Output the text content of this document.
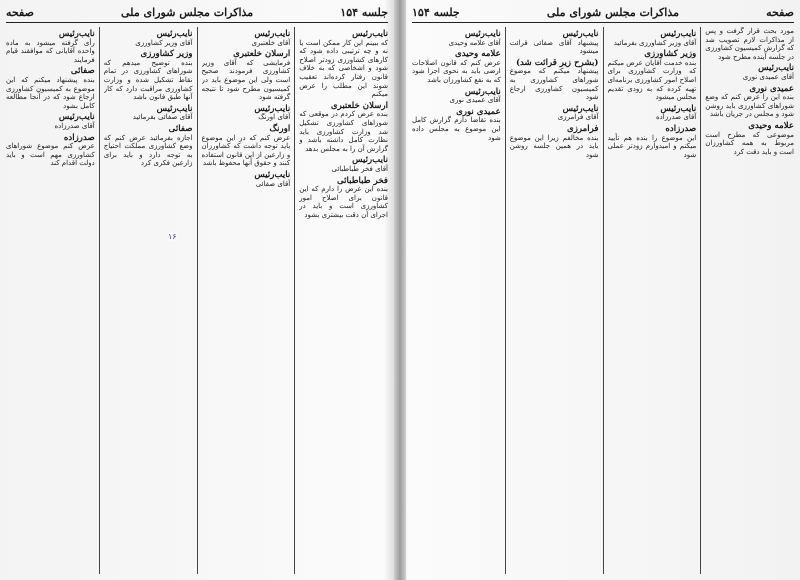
جلسه ۱۵۴
مذاکرات مجلس شورای ملی
صفحه
نایب‌رئیس
که ببینم این کار ممکن است یا نه و چه ترتیبی داده شود که کارهای کشاورزی زودتر اصلاح شود و اشخاصی که به خلاف قانون رفتار کرده‌اند تعقیب شوند این مطلب را عرض میکنم
ارسلان خلعتبری
بنده عرض کردم در موقعی که شوراهای کشاورزی تشکیل شد وزارت کشاورزی باید نظارت کامل داشته باشد و گزارش آن را به مجلس بدهد
نایب‌رئیس
آقای فخر طباطبائی
فخر طباطبائی
بنده این عرض را دارم که این قانون برای اصلاح امور کشاورزی است و باید در اجرای آن دقت بیشتری بشود
نایب‌رئیس
آقای خلعتبری
ارسلان خلعتبری
فرمایشی که آقای وزیر کشاورزی فرمودند صحیح است ولی این موضوع باید در کمیسیون مطرح شود تا نتیجه گرفته شود
نایب‌رئیس
آقای اورنگ
اورنگ
عرض کنم که در این موضوع باید توجه داشت که کشاورزان و زارعین از این قانون استفاده کنند و حقوق آنها محفوظ باشد
نایب‌رئیس
آقای صفائی
نایب‌رئیس
آقای وزیر کشاورزی
وزیر کشاورزی
بنده توضیح میدهم که شوراهای کشاورزی در تمام نقاط تشکیل شده و وزارت کشاورزی مراقبت دارد که کار آنها طبق قانون باشد
نایب‌رئیس
آقای صفائی بفرمائید
صفائی
اجازه بفرمائید عرض کنم که وضع کشاورزی مملکت احتیاج به توجه دارد و باید برای زارعین فکری کرد
نایب‌رئیس
رأی گرفته میشود به ماده واحده آقایانی که موافقند قیام فرمایند
صفائی
بنده پیشنهاد میکنم که این موضوع به کمیسیون کشاورزی ارجاع شود که در آنجا مطالعه کامل بشود
نایب‌رئیس
آقای صدرزاده
صدرزاده
عرض کنم موضوع شوراهای کشاورزی مهم است و باید دولت اقدام کند
۱۶
صفحه
مذاکرات مجلس شورای ملی
جلسه ۱۵۴
مورد بحث قرار گرفت و پس از مذاکرات لازم تصویب شد که گزارش کمیسیون کشاورزی در جلسه آینده مطرح شود
نایب‌رئیس
آقای عمیدی نوری
عمیدی نوری
بنده این را عرض کنم که وضع شوراهای کشاورزی باید روشن شود و مجلس در جریان باشد
علامه وحیدی
موضوعی که مطرح است مربوط به همه کشاورزان است و باید دقت کرد
نایب‌رئیس
آقای وزیر کشاورزی بفرمائید
وزیر کشاورزی
بنده خدمت آقایان عرض میکنم که وزارت کشاورزی برای اصلاح امور کشاورزی برنامه‌ای تهیه کرده که به زودی تقدیم مجلس میشود
نایب‌رئیس
آقای صدرزاده
صدرزاده
این موضوع را بنده هم تأیید میکنم و امیدوارم زودتر عملی شود
نایب‌رئیس
پیشنهاد آقای صفائی قرائت میشود
(بشرح زیر قرائت شد)
پیشنهاد میکنم که موضوع شوراهای کشاورزی به کمیسیون کشاورزی ارجاع شود
نایب‌رئیس
آقای فرامرزی
فرامرزی
بنده مخالفم زیرا این موضوع باید در همین جلسه روشن شود
نایب‌رئیس
آقای علامه وحیدی
علامه وحیدی
عرض کنم که قانون اصلاحات ارضی باید به نحوی اجرا شود که به نفع کشاورزان باشد
نایب‌رئیس
آقای عمیدی نوری
عمیدی نوری
بنده تقاضا دارم گزارش کامل این موضوع به مجلس داده شود
